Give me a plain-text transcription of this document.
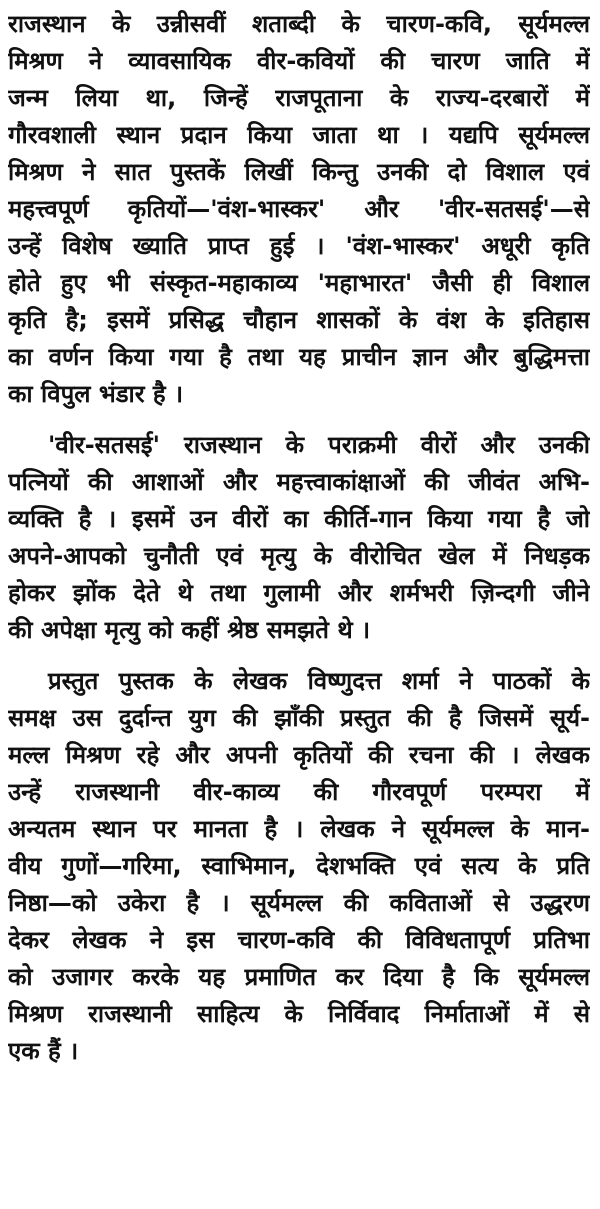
राजस्थान के उन्नीसवीं शताब्दी के चारण-कवि, सूर्यमल्ल
मिश्रण ने व्यावसायिक वीर-कवियों की चारण जाति में
जन्म लिया था, जिन्हें राजपूताना के राज्य-दरबारों में
गौरवशाली स्थान प्रदान किया जाता था । यद्यपि सूर्यमल्ल
मिश्रण ने सात पुस्तकें लिखीं किन्तु उनकी दो विशाल एवं
महत्त्वपूर्ण कृतियों—'वंश-भास्कर' और 'वीर-सतसई'—से
उन्हें विशेष ख्याति प्राप्त हुई । 'वंश-भास्कर' अधूरी कृति
होते हुए भी संस्कृत-महाकाव्य 'महाभारत' जैसी ही विशाल
कृति है; इसमें प्रसिद्ध चौहान शासकों के वंश के इतिहास
का वर्णन किया गया है तथा यह प्राचीन ज्ञान और बुद्धिमत्ता
का विपुल भंडार है ।

'वीर-सतसई' राजस्थान के पराक्रमी वीरों और उनकी
पत्नियों की आशाओं और महत्त्वाकांक्षाओं की जीवंत अभि-
व्यक्ति है । इसमें उन वीरों का कीर्ति-गान किया गया है जो
अपने-आपको चुनौती एवं मृत्यु के वीरोचित खेल में निधड़क
होकर झोंक देते थे तथा गुलामी और शर्मभरी ज़िन्दगी जीने
की अपेक्षा मृत्यु को कहीं श्रेष्ठ समझते थे ।

प्रस्तुत पुस्तक के लेखक विष्णुदत्त शर्मा ने पाठकों के
समक्ष उस दुर्दान्त युग की झाँकी प्रस्तुत की है जिसमें सूर्य-
मल्ल मिश्रण रहे और अपनी कृतियों की रचना की । लेखक
उन्हें राजस्थानी वीर-काव्य की गौरवपूर्ण परम्परा में
अन्यतम स्थान पर मानता है । लेखक ने सूर्यमल्ल के मान-
वीय गुणों—गरिमा, स्वाभिमान, देशभक्ति एवं सत्य के प्रति
निष्ठा—को उकेरा है । सूर्यमल्ल की कविताओं से उद्धरण
देकर लेखक ने इस चारण-कवि की विविधतापूर्ण प्रतिभा
को उजागर करके यह प्रमाणित कर दिया है कि सूर्यमल्ल
मिश्रण राजस्थानी साहित्य के निर्विवाद निर्माताओं में से
एक हैं ।
